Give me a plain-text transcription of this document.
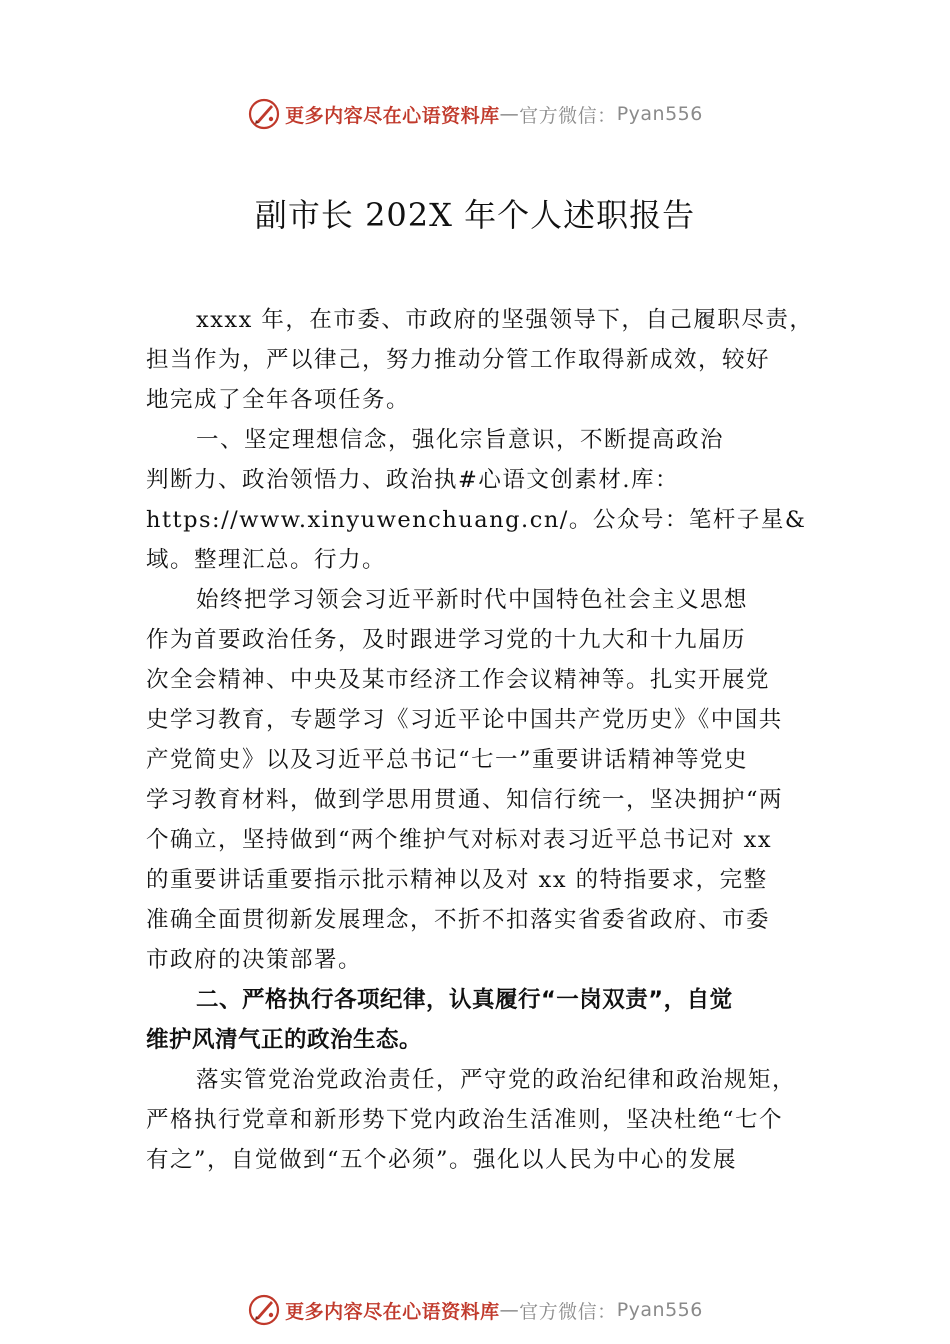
更多内容尽在心语资料库 — 官方微信： Pyan556
副市长 202X 年个人述职报告
xxxx 年，在市委、市政府的坚强领导下，自己履职尽责，
担当作为，严以律己，努力推动分管工作取得新成效，较好
地完成了全年各项任务。
一、坚定理想信念，强化宗旨意识，不断提高政治
判断力、政治领悟力、政治执#心语文创素材.库：
https://www.xinyuwenchuang.cn/。公众号：笔杆子星&
域。整理汇总。行力。
始终把学习领会习近平新时代中国特色社会主义思想
作为首要政治任务，及时跟进学习党的十九大和十九届历
次全会精神、中央及某市经济工作会议精神等。扎实开展党
史学习教育，专题学习《习近平论中国共产党历史》《中国共
产党简史》以及习近平总书记“七一”重要讲话精神等党史
学习教育材料，做到学思用贯通、知信行统一，坚决拥护“两
个确立，坚持做到“两个维护气对标对表习近平总书记对 xx
的重要讲话重要指示批示精神以及对 xx 的特指要求，完整
准确全面贯彻新发展理念，不折不扣落实省委省政府、市委
市政府的决策部署。
二、严格执行各项纪律，认真履行“一岗双责”，自觉
维护风清气正的政治生态。
落实管党治党政治责任，严守党的政治纪律和政治规矩，
严格执行党章和新形势下党内政治生活准则，坚决杜绝“七个
有之”，自觉做到“五个必须”。强化以人民为中心的发展
更多内容尽在心语资料库 — 官方微信： Pyan556
